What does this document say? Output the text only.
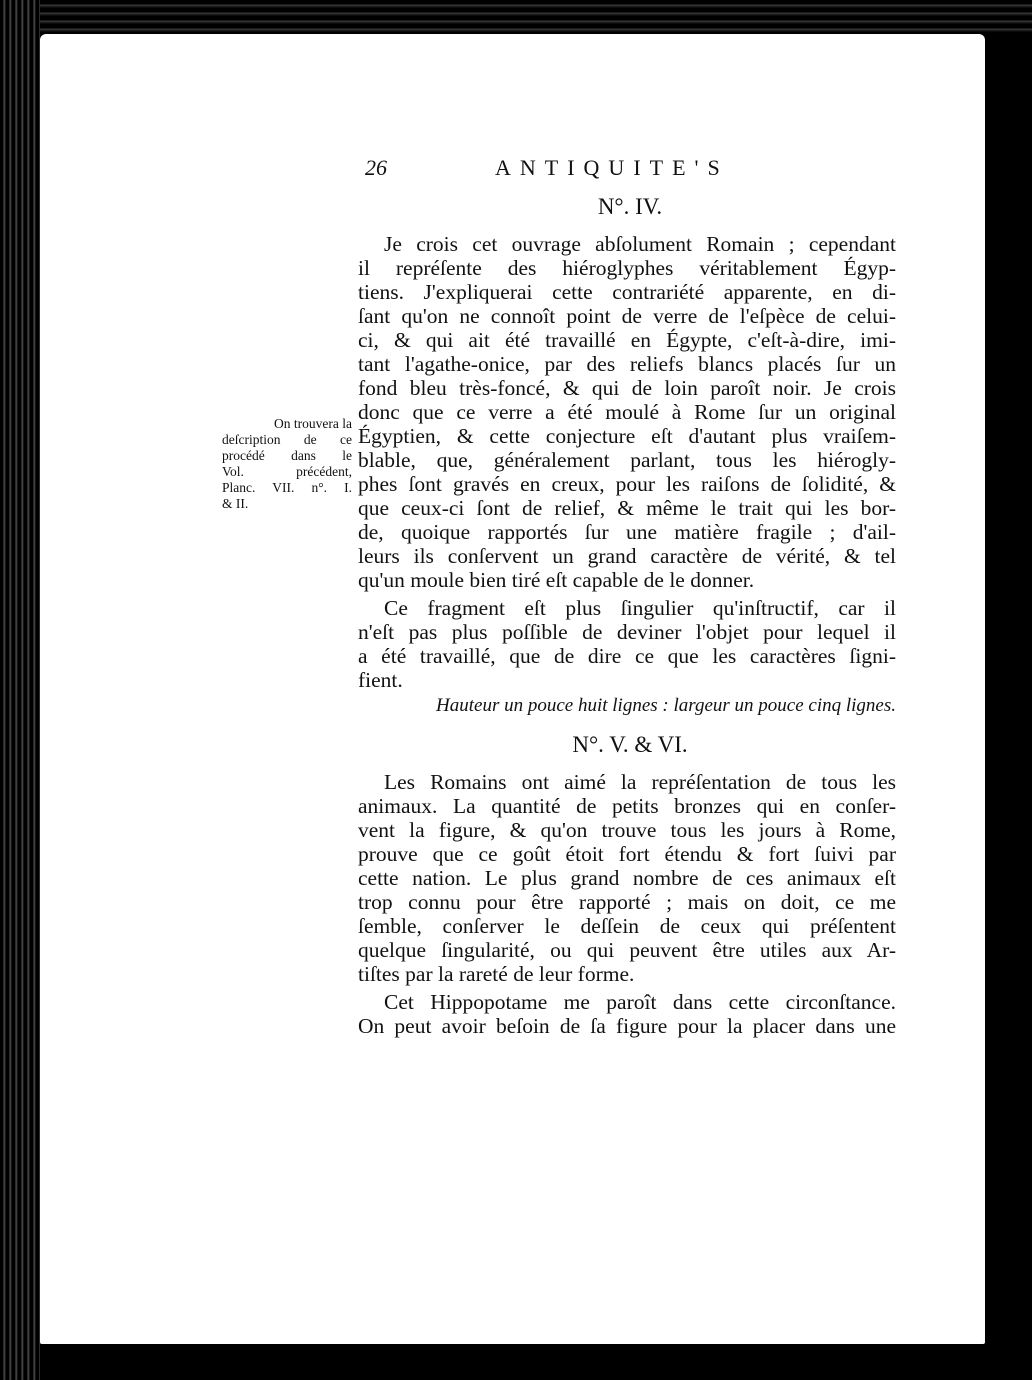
26	ANTIQUITE'S
N°. IV.
Je crois cet ouvrage abſolument Romain ; cependant
il repréſente des hiéroglyphes véritablement Égyp-
tiens. J'expliquerai cette contrariété apparente, en di-
ſant qu'on ne connoît point de verre de l'eſpèce de celui-
ci, & qui ait été travaillé en Égypte, c'eſt-à-dire, imi-
tant l'agathe-onice, par des reliefs blancs placés ſur un
fond bleu très-foncé, & qui de loin paroît noir. Je crois
donc que ce verre a été moulé à Rome ſur un original
Égyptien, & cette conjecture eſt d'autant plus vraiſem-
blable, que, généralement parlant, tous les hiérogly-
phes ſont gravés en creux, pour les raiſons de ſolidité, &
que ceux-ci ſont de relief, & même le trait qui les bor-
de, quoique rapportés ſur une matière fragile ; d'ail-
leurs ils conſervent un grand caractère de vérité, & tel
qu'un moule bien tiré eſt capable de le donner.
Ce fragment eſt plus ſingulier qu'inſtructif, car il
n'eſt pas plus poſſible de deviner l'objet pour lequel il
a été travaillé, que de dire ce que les caractères ſigni-
fient.
Hauteur un pouce huit lignes : largeur un pouce cinq lignes.
N°. V. & VI.
Les Romains ont aimé la repréſentation de tous les
animaux. La quantité de petits bronzes qui en conſer-
vent la figure, & qu'on trouve tous les jours à Rome,
prouve que ce goût étoit fort étendu & fort ſuivi par
cette nation. Le plus grand nombre de ces animaux eſt
trop connu pour être rapporté ; mais on doit, ce me
ſemble, conſerver le deſſein de ceux qui préſentent
quelque ſingularité, ou qui peuvent être utiles aux Ar-
tiſtes par la rareté de leur forme.
Cet Hippopotame me paroît dans cette circonſtance.
On peut avoir beſoin de ſa figure pour la placer dans une
On trouvera la
deſcription de ce
procédé dans le
Vol. précédent,
Planc. VII. n°. I.
& II.
